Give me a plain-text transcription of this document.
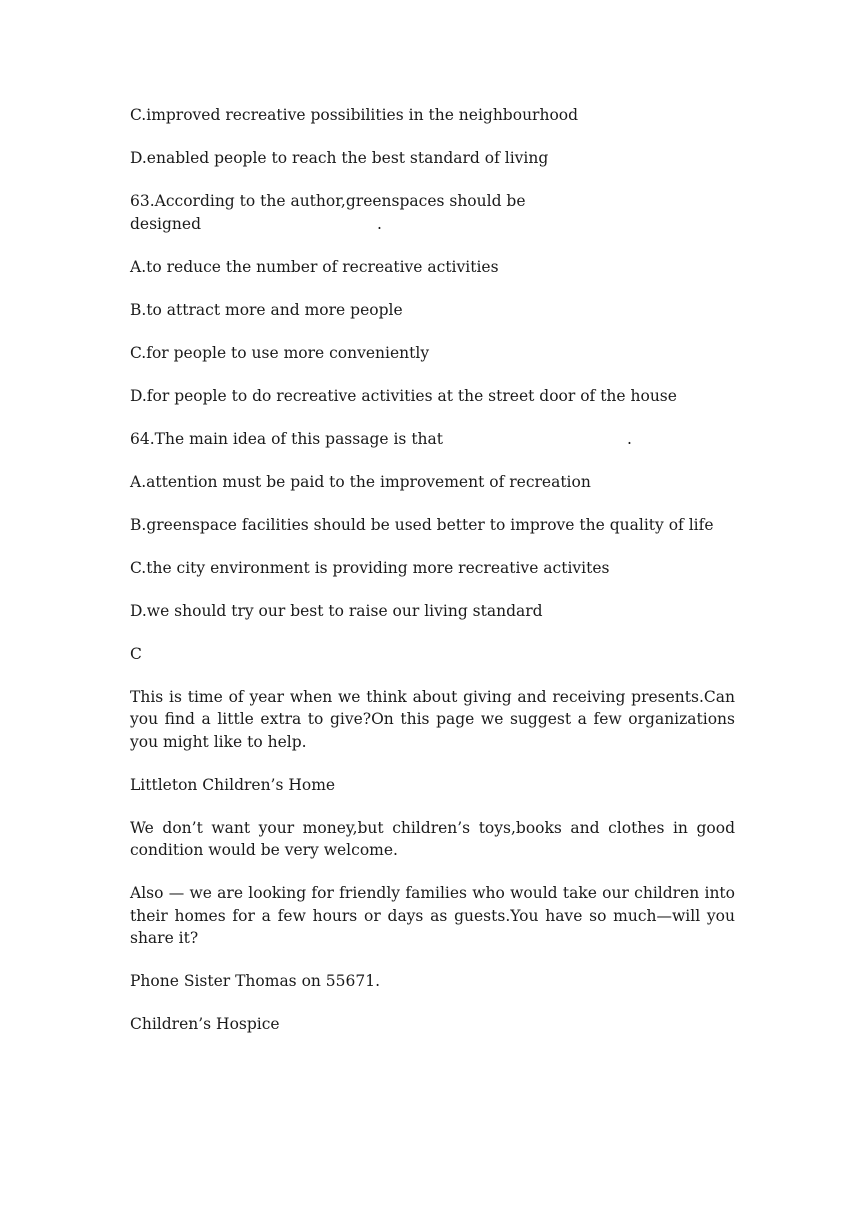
C.improved recreative possibilities in the neighbourhood

D.enabled people to reach the best standard of living

63.According to the author,greenspaces should be
designed	.

A.to reduce the number of recreative activities

B.to attract more and more people

C.for people to use more conveniently

D.for people to do recreative activities at the street door of the house

64.The main idea of this passage is that	.

A.attention must be paid to the improvement of recreation

B.greenspace facilities should be used better to improve the quality of life

C.the city environment is providing more recreative activites

D.we should try our best to raise our living standard

C

This is time of year when we think about giving and receiving presents.Can you find a little extra to give?On this page we suggest a few organizations you might like to help.

Littleton Children’s Home

We don’t want your money,but children’s toys,books and clothes in good condition would be very welcome.

Also — we are looking for friendly families who would take our children into their homes for a few hours or days as guests.You have so much—will you share it?

Phone Sister Thomas on 55671.

Children’s Hospice
